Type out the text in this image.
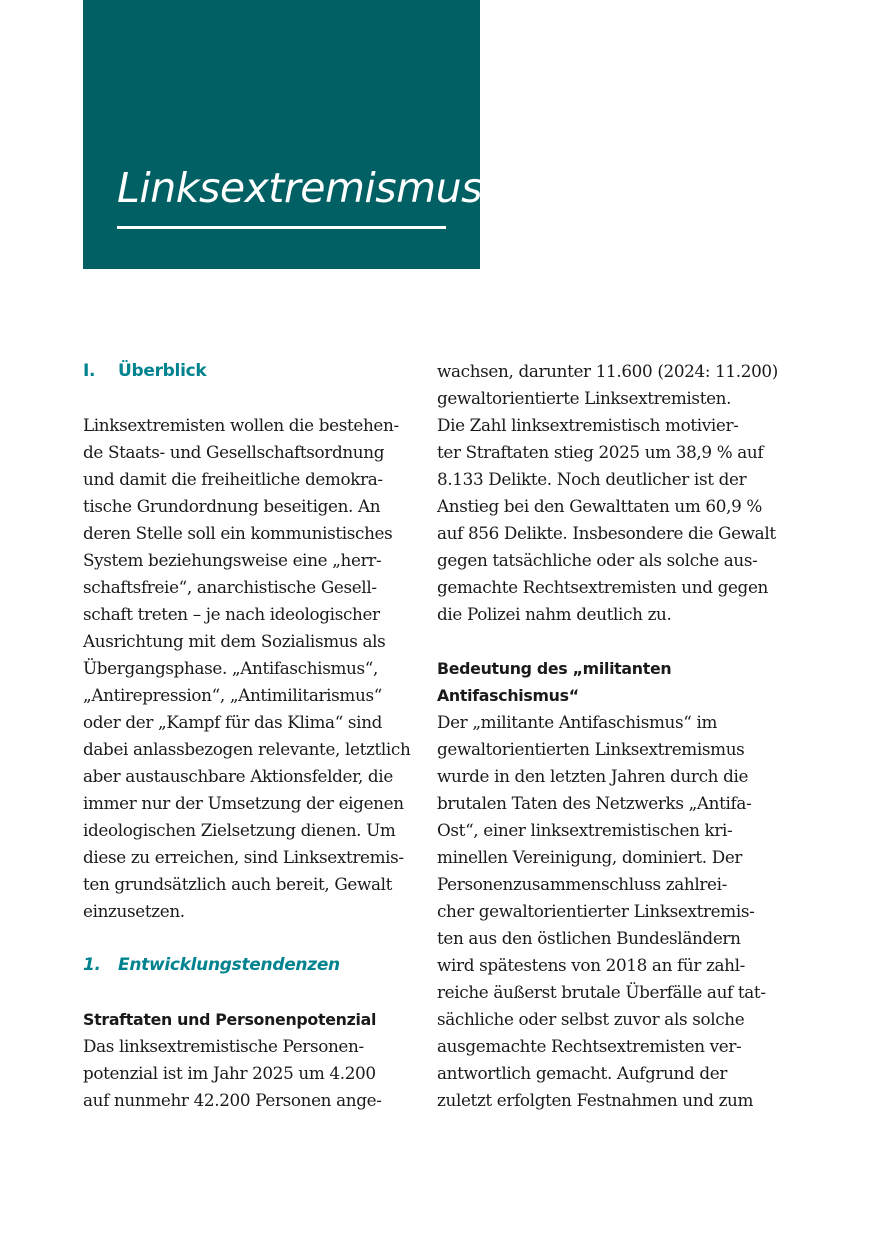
Linksextremismus
I.	Überblick

Linksextremisten wollen die bestehen-
de Staats- und Gesellschaftsordnung
und damit die freiheitliche demokra-
tische Grundordnung beseitigen. An
deren Stelle soll ein kommunistisches
System beziehungsweise eine „herr-
schaftsfreie“, anarchistische Gesell-
schaft treten – je nach ideologischer
Ausrichtung mit dem Sozialismus als
Übergangsphase. „Antifaschismus“,
„Antirepression“, „Antimilitarismus“
oder der „Kampf für das Klima“ sind
dabei anlassbezogen relevante, letztlich
aber austauschbare Aktionsfelder, die
immer nur der Umsetzung der eigenen
ideologischen Zielsetzung dienen. Um
diese zu erreichen, sind Linksextremis-
ten grundsätzlich auch bereit, Gewalt
einzusetzen.

1.	Entwicklungstendenzen
Straftaten und Personenpotenzial

Das linksextremistische Personen-
potenzial ist im Jahr 2025 um 4.200
auf nunmehr 42.200 Personen ange-

wachsen, darunter 11.600 (2024: 11.200)
gewaltorientierte Linksextremisten.
Die Zahl linksextremistisch motivier-
ter Straftaten stieg 2025 um 38,9 % auf
8.133 Delikte. Noch deutlicher ist der
Anstieg bei den Gewalttaten um 60,9 %
auf 856 Delikte. Insbesondere die Gewalt
gegen tatsächliche oder als solche aus-
gemachte Rechtsextremisten und gegen
die Polizei nahm deutlich zu.

Bedeutung des „militanten
Antifaschismus“

Der „militante Antifaschismus“ im
gewaltorientierten Linksextremismus
wurde in den letzten Jahren durch die
brutalen Taten des Netzwerks „Antifa-
Ost“, einer linksextremistischen kri-
minellen Vereinigung, dominiert. Der
Personenzusammenschluss zahlrei-
cher gewaltorientierter Linksextremis-
ten aus den östlichen Bundesländern
wird spätestens von 2018 an für zahl-
reiche äußerst brutale Überfälle auf tat-
sächliche oder selbst zuvor als solche
ausgemachte Rechtsextremisten ver-
antwortlich gemacht. Aufgrund der
zuletzt erfolgten Festnahmen und zum
